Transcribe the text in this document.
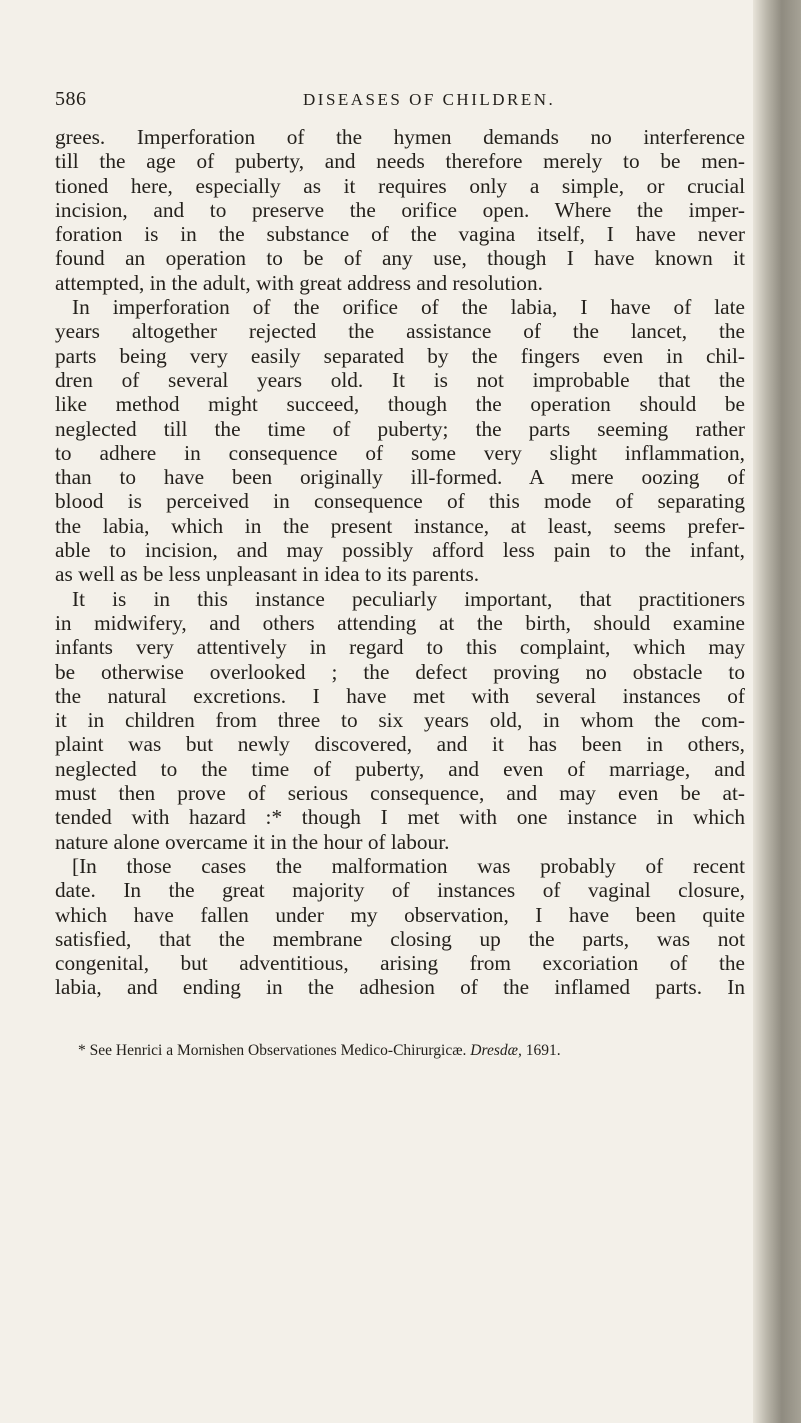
586	DISEASES OF CHILDREN.
grees. Imperforation of the hymen demands no interference
till the age of puberty, and needs therefore merely to be men-
tioned here, especially as it requires only a simple, or crucial
incision, and to preserve the orifice open. Where the imper-
foration is in the substance of the vagina itself, I have never
found an operation to be of any use, though I have known it
attempted, in the adult, with great address and resolution.
In imperforation of the orifice of the labia, I have of late
years altogether rejected the assistance of the lancet, the
parts being very easily separated by the fingers even in chil-
dren of several years old. It is not improbable that the
like method might succeed, though the operation should be
neglected till the time of puberty; the parts seeming rather
to adhere in consequence of some very slight inflammation,
than to have been originally ill-formed. A mere oozing of
blood is perceived in consequence of this mode of separating
the labia, which in the present instance, at least, seems prefer-
able to incision, and may possibly afford less pain to the infant,
as well as be less unpleasant in idea to its parents.
It is in this instance peculiarly important, that practitioners
in midwifery, and others attending at the birth, should examine
infants very attentively in regard to this complaint, which may
be otherwise overlooked ; the defect proving no obstacle to
the natural excretions. I have met with several instances of
it in children from three to six years old, in whom the com-
plaint was but newly discovered, and it has been in others,
neglected to the time of puberty, and even of marriage, and
must then prove of serious consequence, and may even be at-
tended with hazard :* though I met with one instance in which
nature alone overcame it in the hour of labour.
[In those cases the malformation was probably of recent
date. In the great majority of instances of vaginal closure,
which have fallen under my observation, I have been quite
satisfied, that the membrane closing up the parts, was not
congenital, but adventitious, arising from excoriation of the
labia, and ending in the adhesion of the inflamed parts. In
* See Henrici a Mornishen Observationes Medico-Chirurgicæ. Dresdæ, 1691.
